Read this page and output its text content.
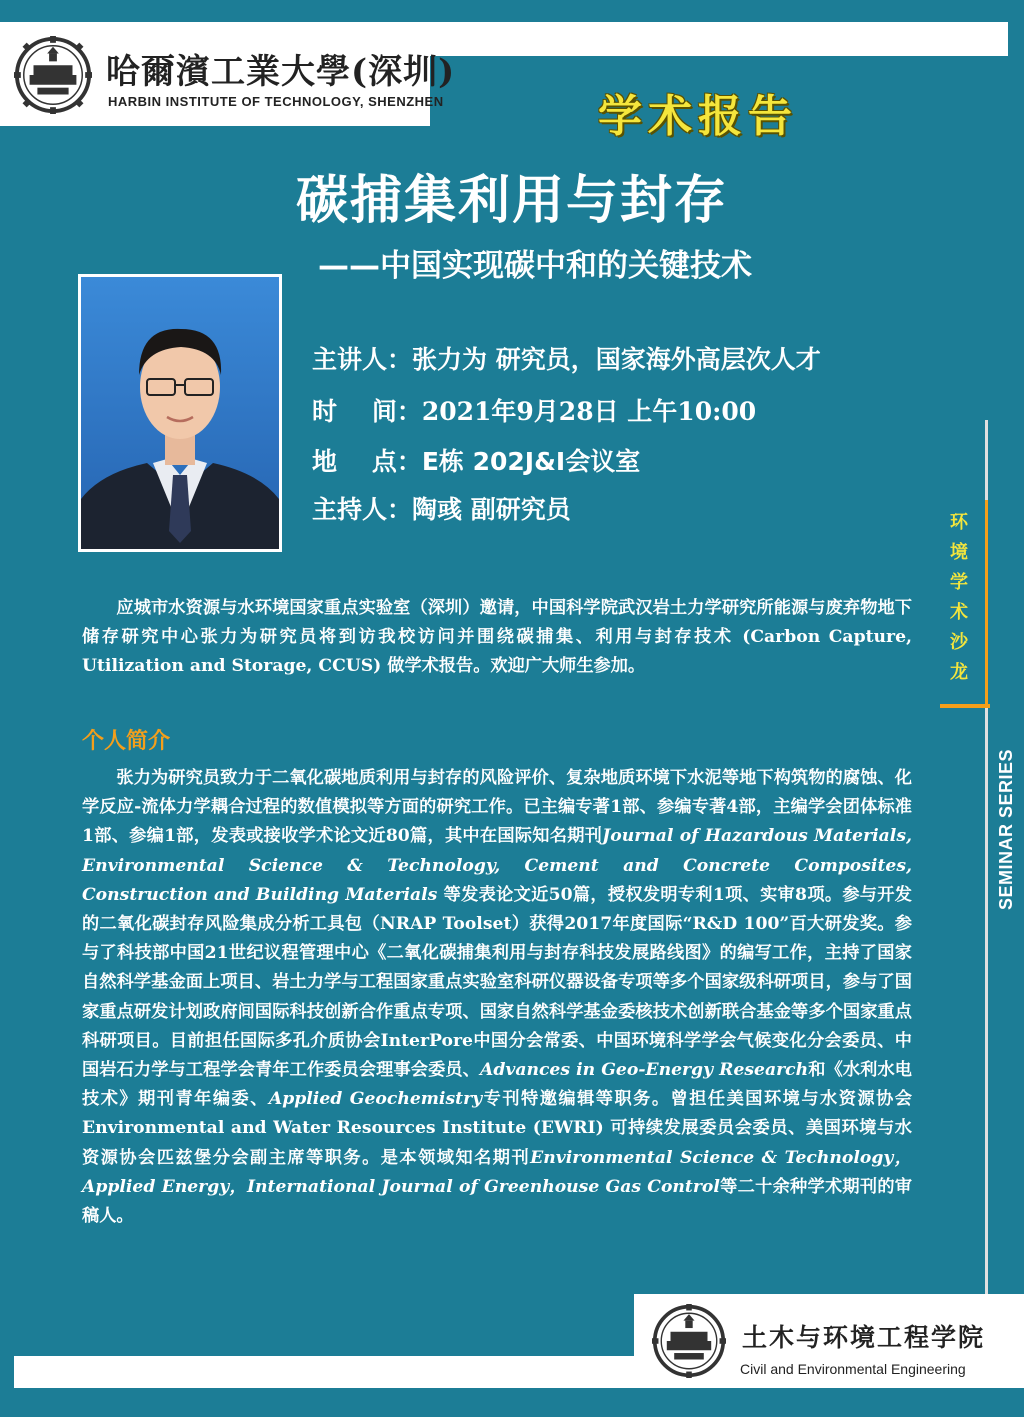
哈爾濱工業大學(深圳)
HARBIN INSTITUTE OF TECHNOLOGY, SHENZHEN	学术报告
环
境
学
术
沙
龙
SEMINAR SERIES
碳捕集利用与封存
——中国实现碳中和的关键技术
主讲人：张力为 研究员，国家海外高层次人才
时    间：2021年9月28日 上午10:00
地    点：E栋 202J&I会议室
主持人：陶彧 副研究员

应城市水资源与水环境国家重点实验室（深圳）邀请，中国科学院武汉岩土力学研究所能源与废弃物地下储存研究中心张力为研究员将到访我校访问并围绕碳捕集、利用与封存技术 (Carbon Capture, Utilization and Storage, CCUS) 做学术报告。欢迎广大师生参加。

个人简介

张力为研究员致力于二氧化碳地质利用与封存的风险评价、复杂地质环境下水泥等地下构筑物的腐蚀、化学反应-流体力学耦合过程的数值模拟等方面的研究工作。已主编专著1部、参编专著4部，主编学会团体标准1部、参编1部，发表或接收学术论文近80篇，其中在国际知名期刊Journal of Hazardous Materials, Environmental Science & Technology, Cement and Concrete Composites, Construction and Building Materials 等发表论文近50篇，授权发明专利1项、实审8项。参与开发的二氧化碳封存风险集成分析工具包（NRAP Toolset）获得2017年度国际“R&D 100”百大研发奖。参与了科技部中国21世纪议程管理中心《二氧化碳捕集利用与封存科技发展路线图》的编写工作，主持了国家自然科学基金面上项目、岩土力学与工程国家重点实验室科研仪器设备专项等多个国家级科研项目，参与了国家重点研发计划政府间国际科技创新合作重点专项、国家自然科学基金委核技术创新联合基金等多个国家重点科研项目。目前担任国际多孔介质协会InterPore中国分会常委、中国环境科学学会气候变化分会委员、中国岩石力学与工程学会青年工作委员会理事会委员、Advances in Geo-Energy Research和《水利水电技术》期刊青年编委、Applied Geochemistry专刊特邀编辑等职务。曾担任美国环境与水资源协会Environmental and Water Resources Institute (EWRI) 可持续发展委员会委员、美国环境与水资源协会匹兹堡分会副主席等职务。是本领域知名期刊Environmental Science & Technology，Applied Energy，International Journal of Greenhouse Gas Control等二十余种学术期刊的审稿人。

土木与环境工程学院
Civil and Environmental Engineering
